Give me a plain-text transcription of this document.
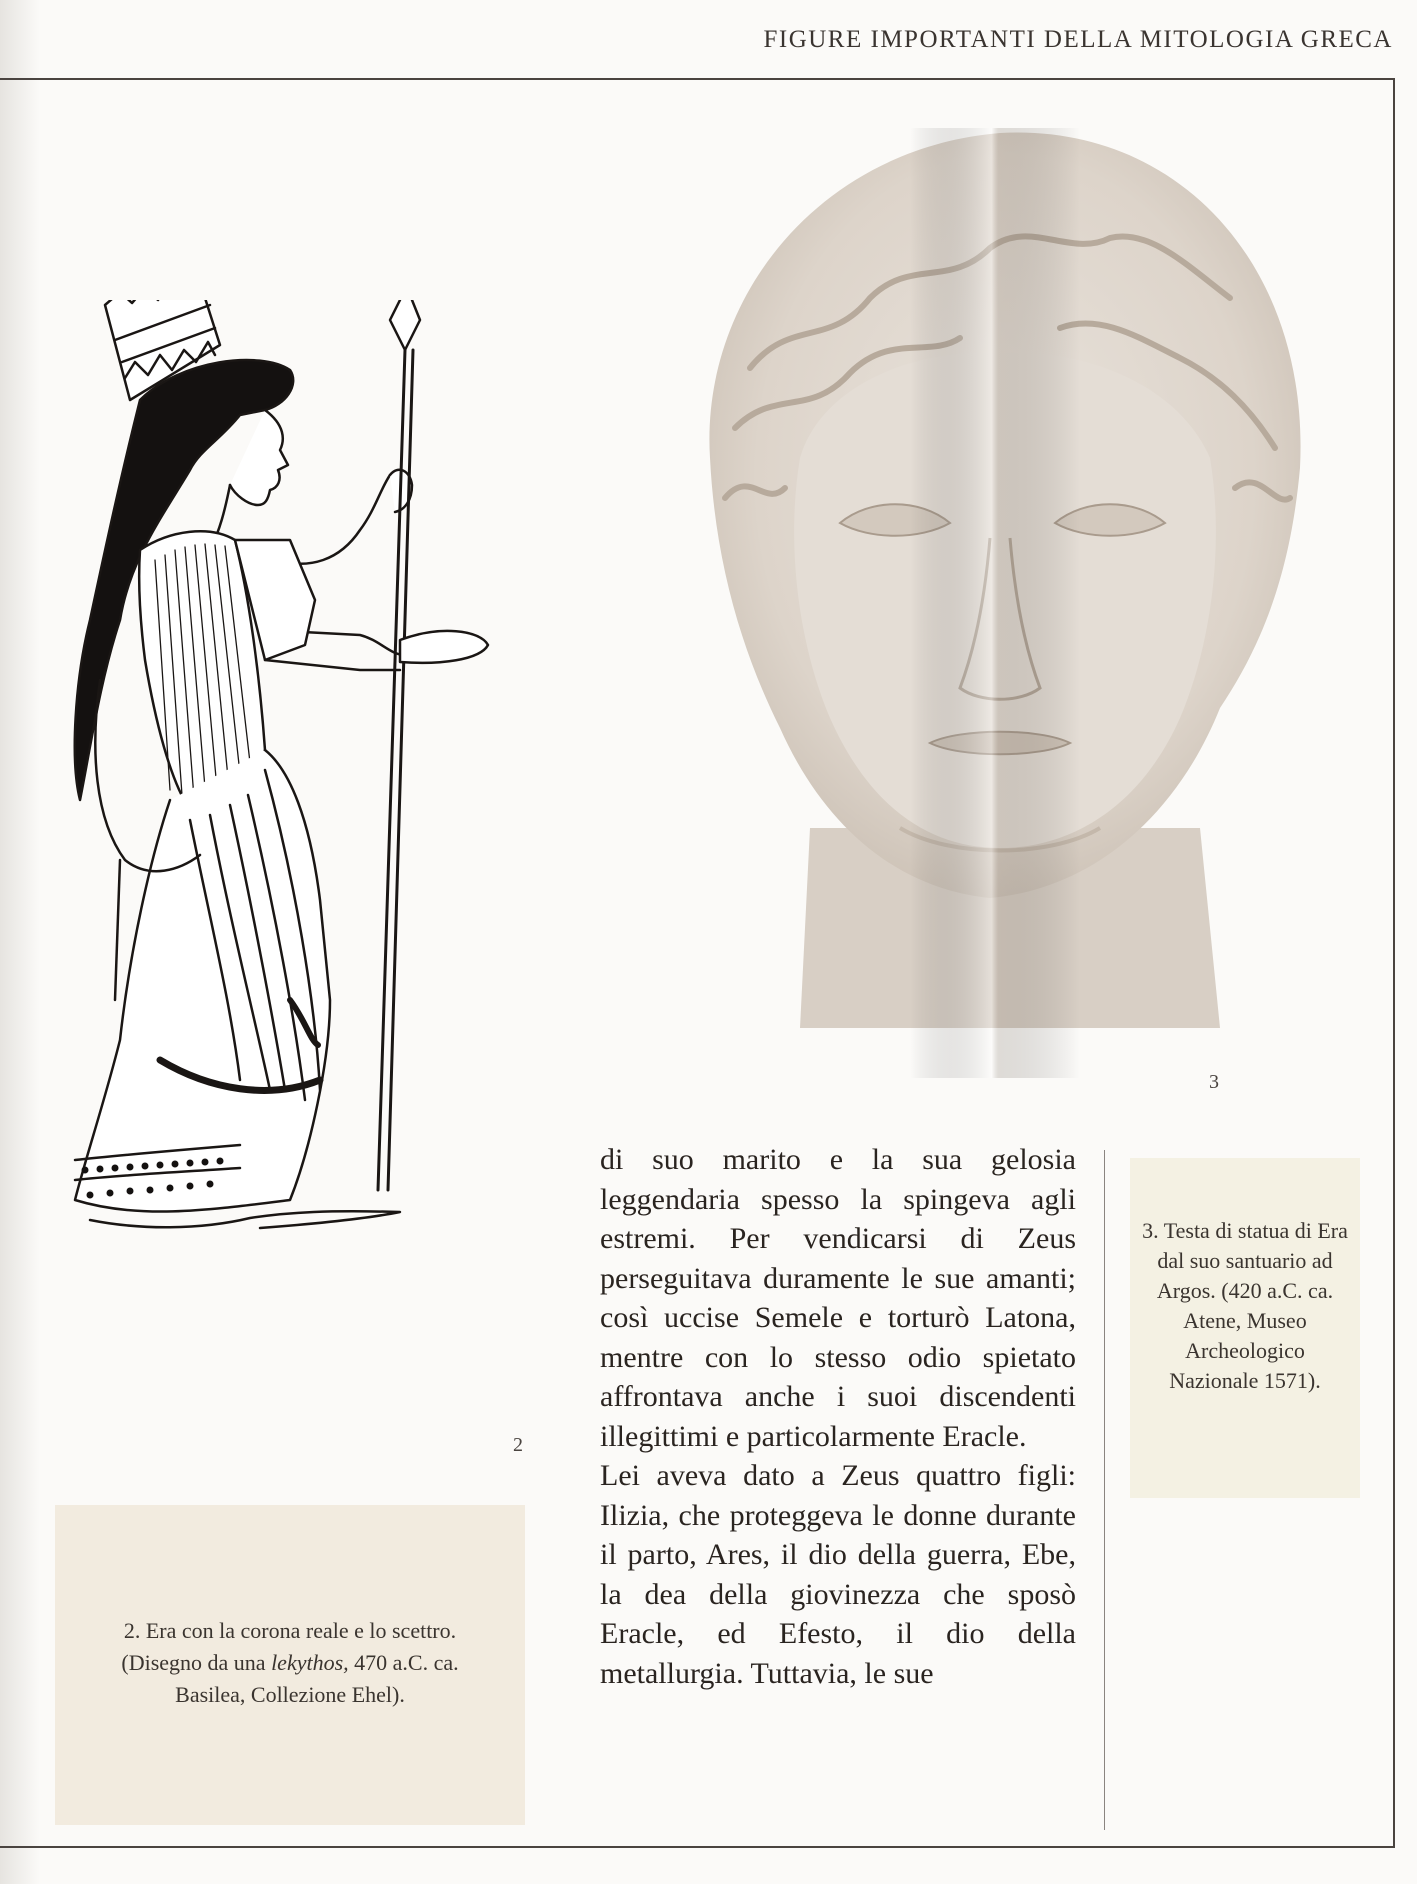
FIGURE IMPORTANTI DELLA MITOLOGIA GRECA
2
3
2. Era con la corona reale e lo scettro.
(Disegno da una lekythos, 470 a.C. ca.
Basilea, Collezione Ehel).
3. Testa di statua di Era dal suo santuario ad Argos. (420 a.C. ca. Atene, Museo Archeologico Nazionale 1571).

di suo marito e la sua gelosia leggendaria spesso la spingeva agli estremi. Per vendicarsi di Zeus perseguitava duramente le sue amanti; così uccise Semele e torturò Latona, mentre con lo stesso odio spietato affrontava anche i suoi discendenti illegittimi e particolarmente Eracle.

Lei aveva dato a Zeus quattro figli: Ilizia, che proteggeva le donne durante il parto, Ares, il dio della guerra, Ebe, la dea della giovinezza che sposò Eracle, ed Efesto, il dio della metallurgia. Tuttavia, le sue
